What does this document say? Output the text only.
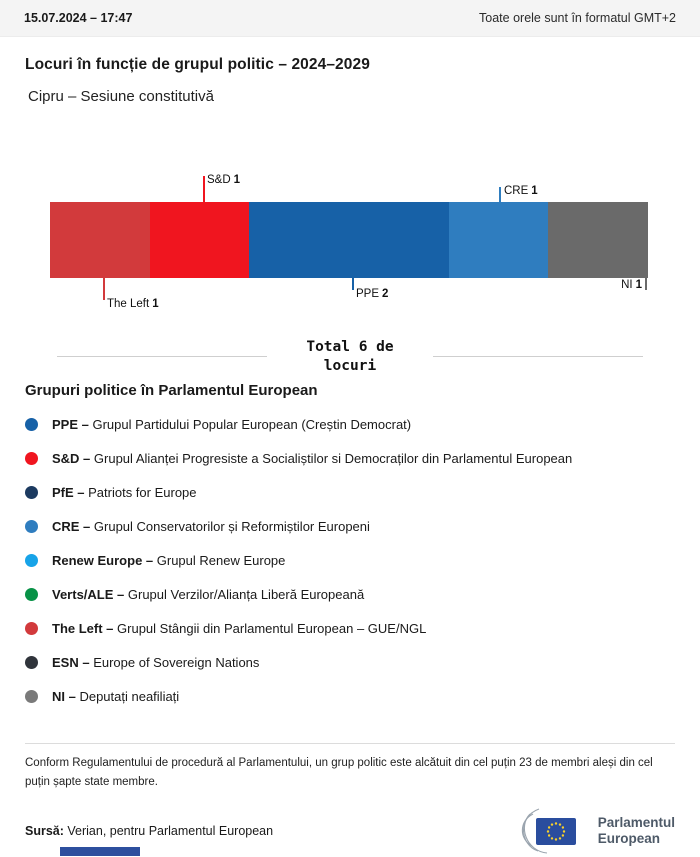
15.07.2024 – 17:47	Toate orele sunt în formatul GMT+2
Locuri în funcție de grupul politic – 2024–2029
Cipru – Sesiune constitutivă
S&D 1
CRE 1
The Left 1
PPE 2
NI 1
Total 6 de locuri
Grupuri politice în Parlamentul European
PPE – Grupul Partidului Popular European (Creștin Democrat)
S&D – Grupul Alianței Progresiste a Socialiștilor si Democraților din Parlamentul European
PfE – Patriots for Europe
CRE – Grupul Conservatorilor și Reformiștilor Europeni
Renew Europe – Grupul Renew Europe
Verts/ALE – Grupul Verzilor/Alianța Liberă Europeană
The Left – Grupul Stângii din Parlamentul European – GUE/NGL
ESN – Europe of Sovereign Nations
NI – Deputați neafiliați

Conform Regulamentului de procedură al Parlamentului, un grup politic este alcătuit din cel puțin 23 de membri aleși din cel puțin șapte state membre.

Sursă: Verian, pentru Parlamentul European
Parlamentul
European
